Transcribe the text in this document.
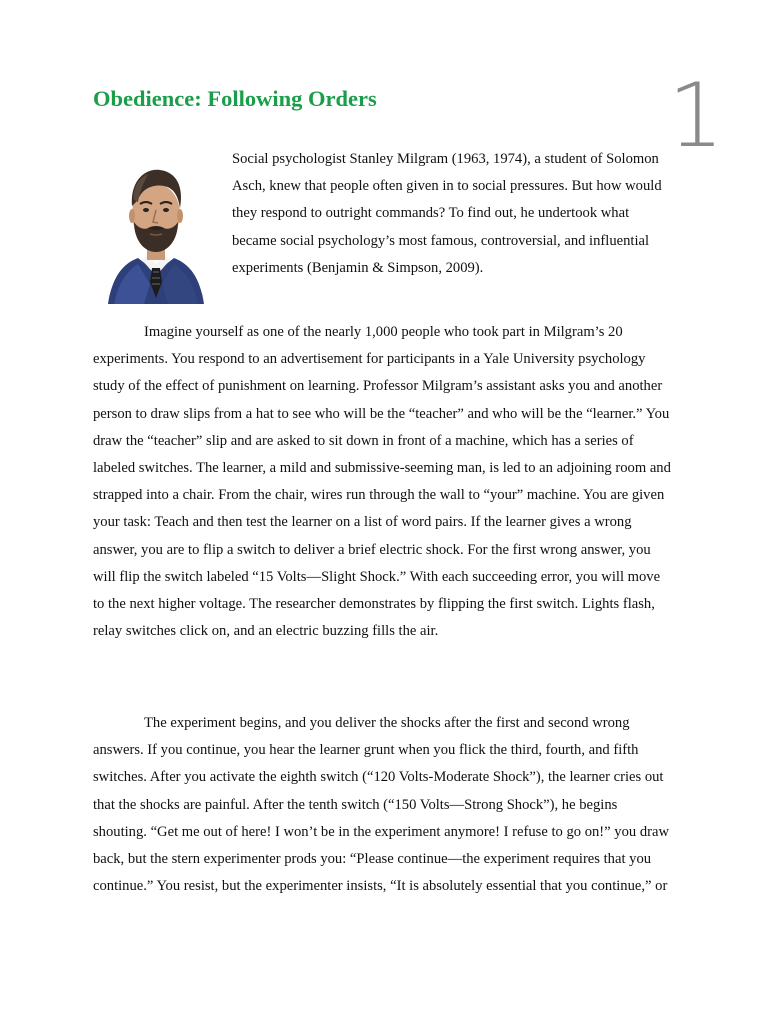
1
Obedience: Following Orders

Social psychologist Stanley Milgram (1963, 1974), a student of Solomon Asch, knew that people often given in to social pressures. But how would they respond to outright commands? To find out, he undertook what became social psychology’s most famous, controversial, and influential experiments (Benjamin & Simpson, 2009).

Imagine yourself as one of the nearly 1,000 people who took part in Milgram’s 20 experiments. You respond to an advertisement for participants in a Yale University psychology study of the effect of punishment on learning. Professor Milgram’s assistant asks you and another person to draw slips from a hat to see who will be the “teacher” and who will be the “learner.” You draw the “teacher” slip and are asked to sit down in front of a machine, which has a series of labeled switches. The learner, a mild and submissive-seeming man, is led to an adjoining room and strapped into a chair. From the chair, wires run through the wall to “your” machine. You are given your task: Teach and then test the learner on a list of word pairs. If the learner gives a wrong answer, you are to flip a switch to deliver a brief electric shock. For the first wrong answer, you will flip the switch labeled “15 Volts—Slight Shock.” With each succeeding error, you will move to the next higher voltage. The researcher demonstrates by flipping the first switch. Lights flash, relay switches click on, and an electric buzzing fills the air.

The experiment begins, and you deliver the shocks after the first and second wrong answers. If you continue, you hear the learner grunt when you flick the third, fourth, and fifth switches. After you activate the eighth switch (“120 Volts-Moderate Shock”), the learner cries out that the shocks are painful. After the tenth switch (“150 Volts—Strong Shock”), he begins shouting. “Get me out of here! I won’t be in the experiment anymore! I refuse to go on!” you draw back, but the stern experimenter prods you: “Please continue—the experiment requires that you continue.” You resist, but the experimenter insists, “It is absolutely essential that you continue,” or
